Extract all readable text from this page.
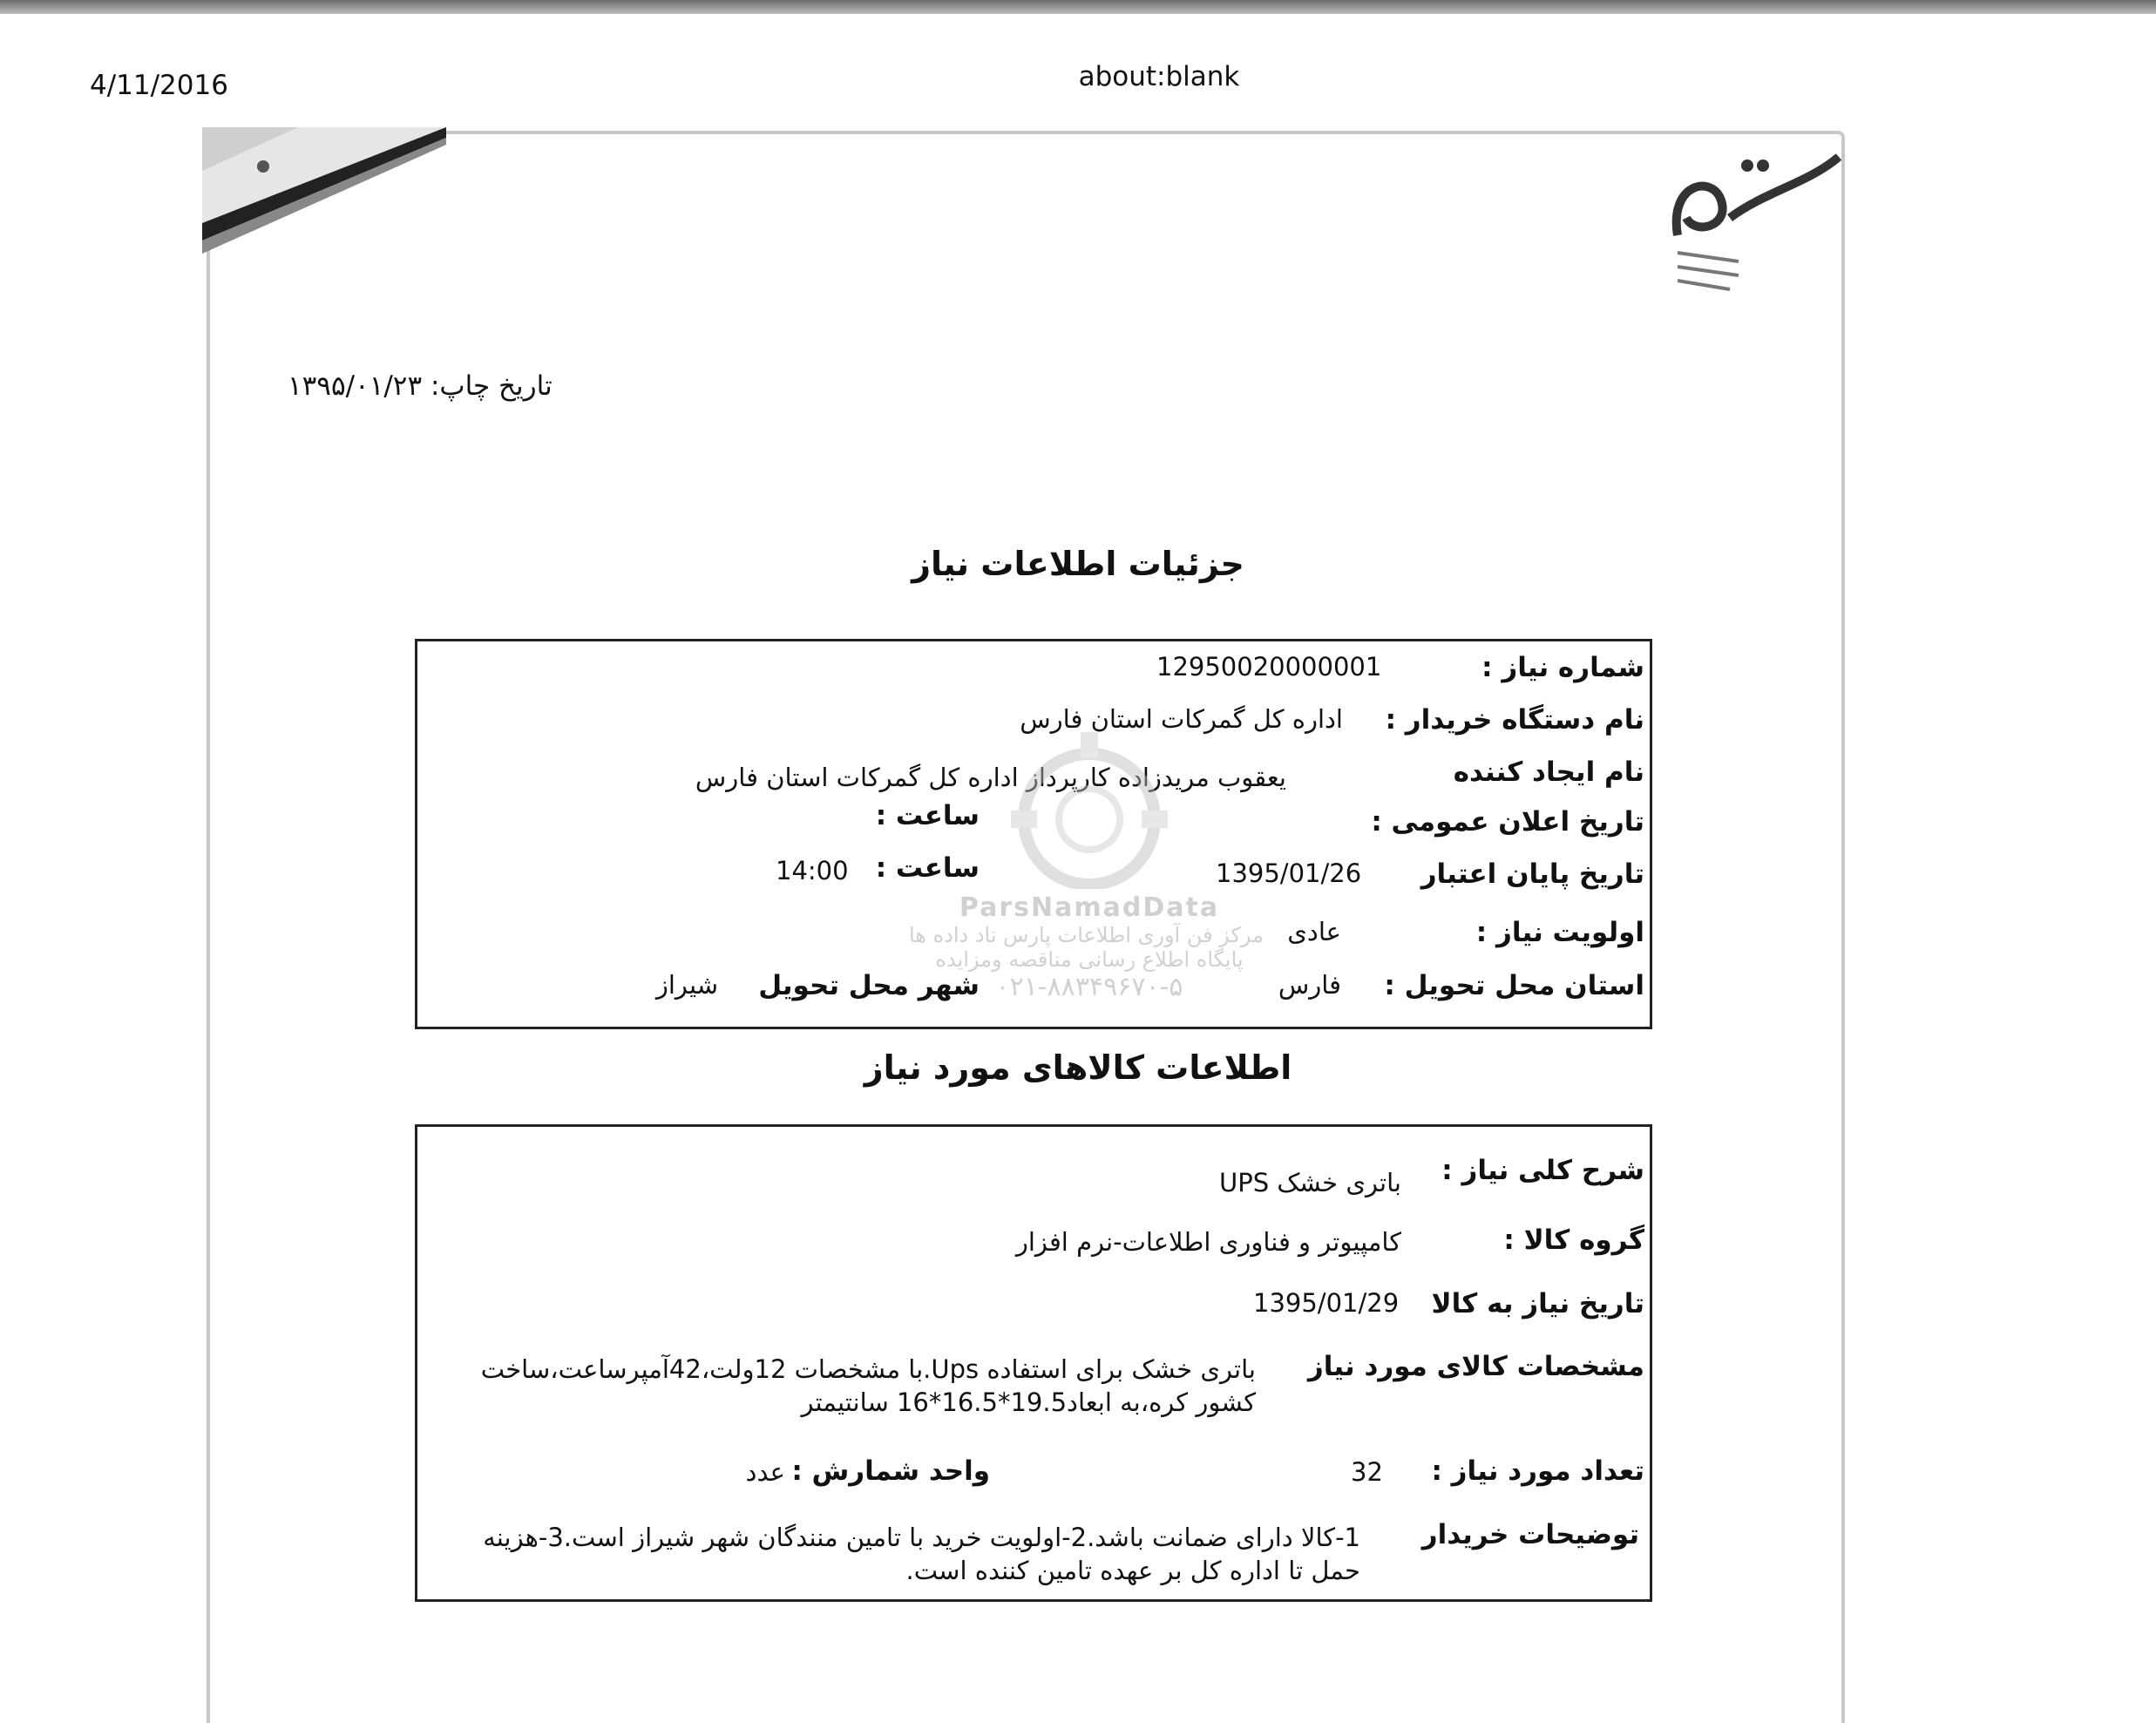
4/11/2016	about:blank
تاریخ چاپ: ۱۳۹۵/۰۱/۲۳
جزئیات اطلاعات نیاز
شماره نیاز :
12950020000001
نام دستگاه خریدار :
اداره کل گمرکات استان فارس
نام ایجاد کننده
یعقوب مریدزاده کارپرداز اداره کل گمرکات استان فارس
تاریخ اعلان عمومی :
ساعت :
تاریخ پایان اعتبار
1395/01/26
ساعت :
14:00
اولویت نیاز :
عادی
استان محل تحویل :
فارس
شهر محل تحویل
شیراز
ParsNamadData
مرکز فن آوری اطلاعات پارس ناد داده ها
پایگاه اطلاع رسانی مناقصه ومزایده
۰۲۱-۸۸۳۴۹۶۷۰-۵
اطلاعات کالاهای مورد نیاز
شرح کلی نیاز :
باتری خشک UPS
گروه کالا :
کامپیوتر و فناوری اطلاعات-نرم افزار
تاریخ نیاز به کالا
1395/01/29
مشخصات کالای مورد نیاز
باتری خشک برای استفاده Ups.با مشخصات 12ولت،42آمپرساعت،ساخت کشور کره،به ابعاد19.5*16.5*16 سانتیمتر
تعداد مورد نیاز :
32
واحد شمارش :
عدد
توضیحات خریدار
1-کالا دارای ضمانت باشد.2-اولویت خرید با تامین منندگان شهر شیراز است.3-هزینه حمل تا اداره کل بر عهده تامین کننده است.
